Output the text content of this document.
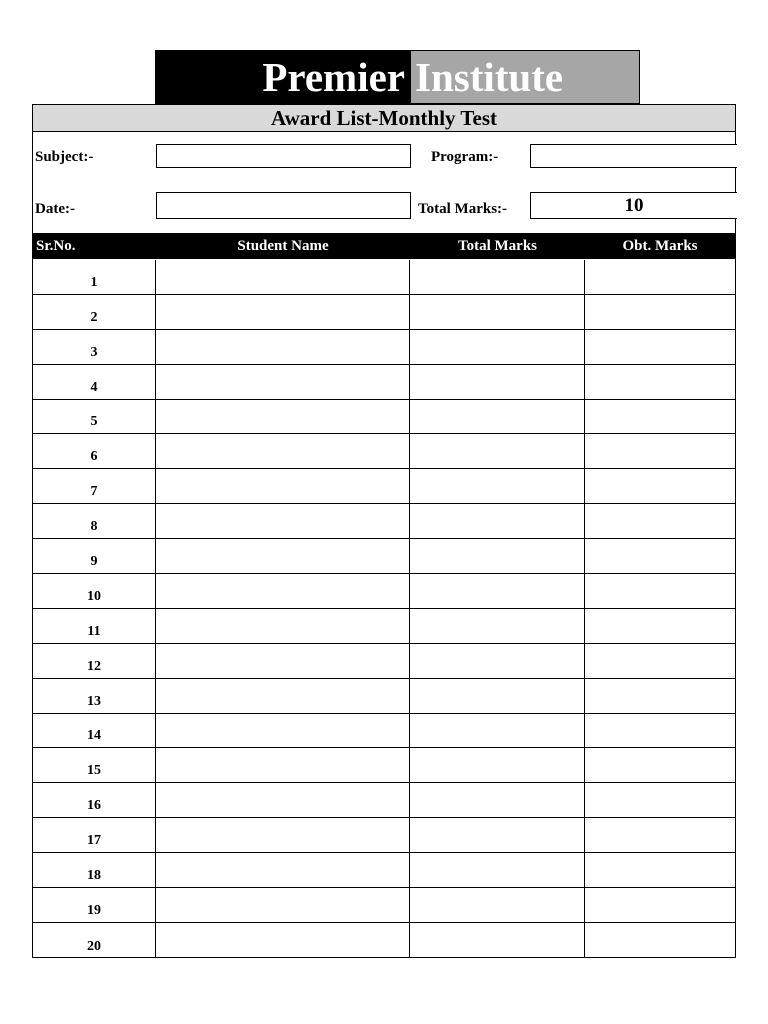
Premier Institute
Award List-Monthly Test
Subject:-	Program:-
Date:-	Total Marks:-	10
Sr.No.	Student Name	Total Marks	Obt. Marks
1
2
3
4
5
6
7
8
9
10
11
12
13
14
15
16
17
18
19
20
